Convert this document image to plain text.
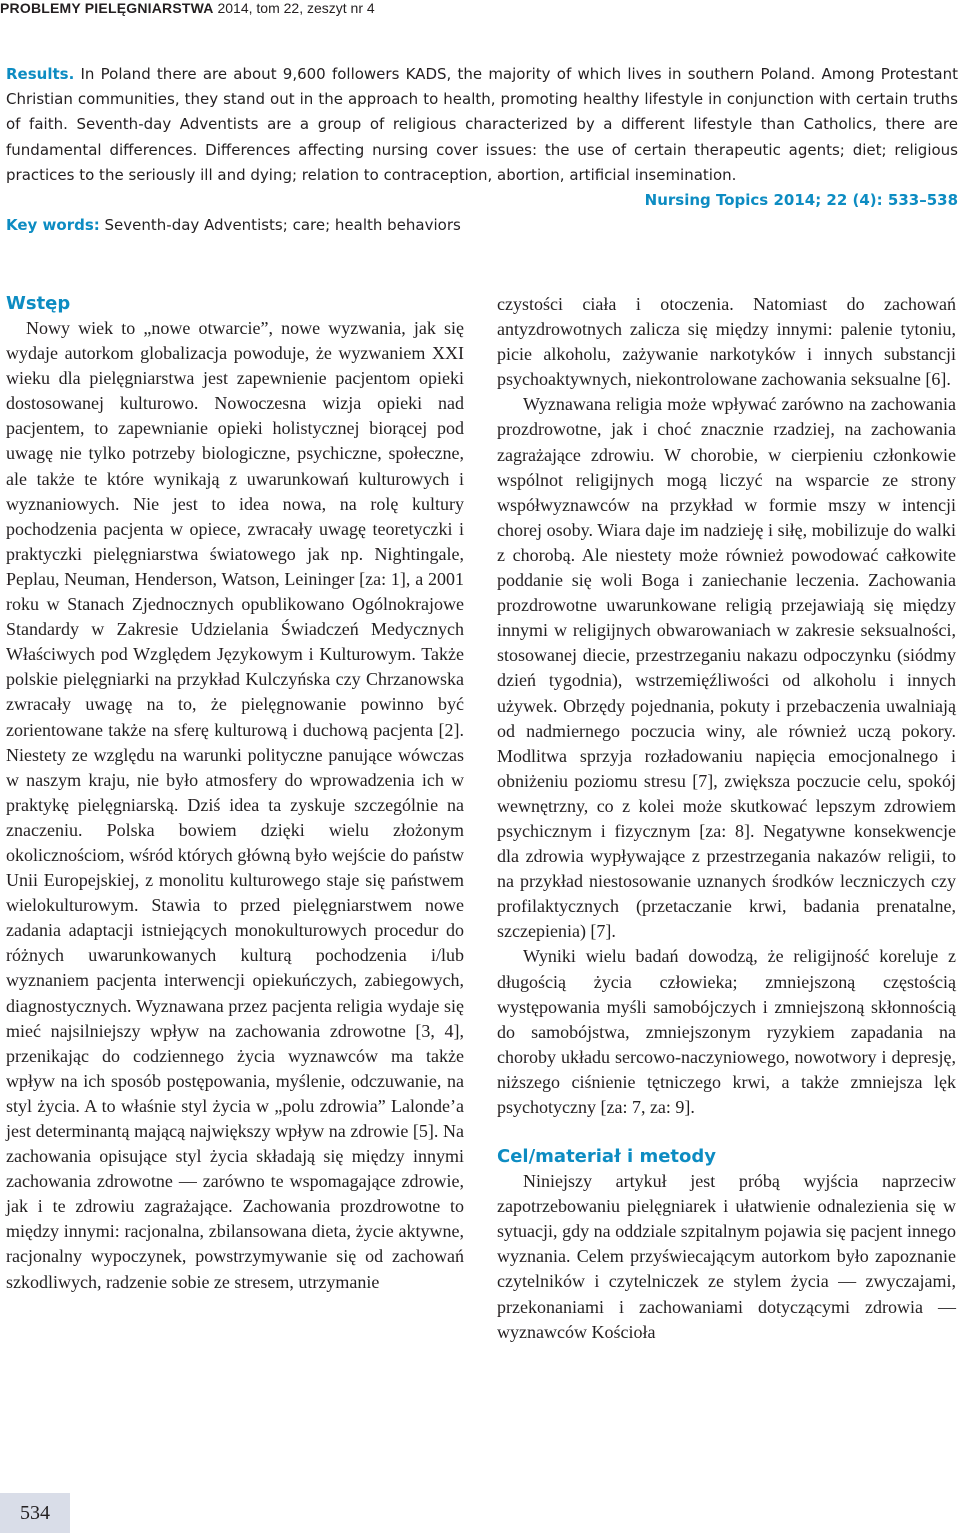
PROBLEMY PIELĘGNIARSTWA 2014, tom 22, zeszyt nr 4
Results. In Poland there are about 9,600 followers KADS, the majority of which lives in southern Poland. Among Protestant Christian communities, they stand out in the approach to health, promoting healthy lifestyle in conjunction with certain truths of faith. Seventh-day Adventists are a group of religious characterized by a different lifestyle than Catholics, there are fundamental differences. Differences affecting nursing cover issues: the use of certain therapeutic agents; diet; religious practices to the seriously ill and dying; relation to contraception, abortion, artificial insemination.
Nursing Topics 2014; 22 (4): 533–538
Key words: Seventh-day Adventists; care; health behaviors
Wstęp

Nowy wiek to „nowe otwarcie”, nowe wyzwania, jak się wydaje autorkom globalizacja powoduje, że wyzwaniem XXI wieku dla pielęgniarstwa jest zapewnienie pacjentom opieki dostosowanej kulturowo. Nowoczesna wizja opieki nad pacjentem, to zapewnianie opieki holistycznej biorącej pod uwagę nie tylko potrzeby biologiczne, psychiczne, społeczne, ale także te które wynikają z uwarunkowań kulturowych i wyznaniowych. Nie jest to idea nowa, na rolę kultury pochodzenia pacjenta w opiece, zwracały uwagę teoretyczki i praktyczki pielęgniarstwa światowego jak np. Nightingale, Peplau, Neuman, Henderson, Watson, Leininger [za: 1], a 2001 roku w Stanach Zjednocznych opublikowano Ogólnokrajowe Standardy w Zakresie Udzielania Świadczeń Medycznych Właściwych pod Względem Językowym i Kulturowym. Także polskie pielęgniarki na przykład Kulczyńska czy Chrzanowska zwracały uwagę na to, że pielęgnowanie powinno być zorientowane także na sferę kulturową i duchową pacjenta [2]. Niestety ze względu na warunki polityczne panujące wówczas w naszym kraju, nie było atmosfery do wprowadzenia ich w praktykę pielęgniarską. Dziś idea ta zyskuje szczególnie na znaczeniu. Polska bowiem dzięki wielu złożonym okolicznościom, wśród których główną było wejście do państw Unii Europejskiej, z monolitu kulturowego staje się państwem wielokulturowym. Stawia to przed pielęgniarstwem nowe zadania adaptacji istniejących monokulturowych procedur do różnych uwarunkowanych kulturą pochodzenia i/lub wyznaniem pacjenta interwencji opiekuńczych, zabiegowych, diagnostycznych. Wyznawana przez pacjenta religia wydaje się mieć najsilniejszy wpływ na zachowania zdrowotne [3, 4], przenikając do codziennego życia wyznawców ma także wpływ na ich sposób postępowania, myślenie, odczuwanie, na styl życia. A to właśnie styl życia w „polu zdrowia” Lalonde’a jest determinantą mającą największy wpływ na zdrowie [5]. Na zachowania opisujące styl życia składają się między innymi zachowania zdrowotne — zarówno te wspomagające zdrowie, jak i te zdrowiu zagrażające. Zachowania prozdrowotne to między innymi: racjonalna, zbilansowana dieta, życie aktywne, racjonalny wypoczynek, powstrzymywanie się od zachowań szkodliwych, radzenie sobie ze stresem, utrzymanie

czystości ciała i otoczenia. Natomiast do zachowań antyzdrowotnych zalicza się między innymi: palenie tytoniu, picie alkoholu, zażywanie narkotyków i innych substancji psychoaktywnych, niekontrolowane zachowania seksualne [6].

Wyznawana religia może wpływać zarówno na zachowania prozdrowotne, jak i choć znacznie rzadziej, na zachowania zagrażające zdrowiu. W chorobie, w cierpieniu członkowie wspólnot religijnych mogą liczyć na wsparcie ze strony współwyznawców na przykład w formie mszy w intencji chorej osoby. Wiara daje im nadzieję i siłę, mobilizuje do walki z chorobą. Ale niestety może również powodować całkowite poddanie się woli Boga i zaniechanie leczenia. Zachowania prozdrowotne uwarunkowane religią przejawiają się między innymi w religijnych obwarowaniach w zakresie seksualności, stosowanej diecie, przestrzeganiu nakazu odpoczynku (siódmy dzień tygodnia), wstrzemięźliwości od alkoholu i innych używek. Obrzędy pojednania, pokuty i przebaczenia uwalniają od nadmiernego poczucia winy, ale również uczą pokory. Modlitwa sprzyja rozładowaniu napięcia emocjonalnego i obniżeniu poziomu stresu [7], zwiększa poczucie celu, spokój wewnętrzny, co z kolei może skutkować lepszym zdrowiem psychicznym i fizycznym [za: 8]. Negatywne konsekwencje dla zdrowia wypływające z przestrzegania nakazów religii, to na przykład niestosowanie uznanych środków leczniczych czy profilaktycznych (przetaczanie krwi, badania prenatalne, szczepienia) [7].

Wyniki wielu badań dowodzą, że religijność koreluje z długością życia człowieka; zmniejszoną częstością występowania myśli samobójczych i zmniejszoną skłonnością do samobójstwa, zmniejszonym ryzykiem zapadania na choroby układu sercowo-naczyniowego, nowotwory i depresję, niższego ciśnienie tętniczego krwi, a także zmniejsza lęk psychotyczny [za: 7, za: 9].

Cel/materiał i metody

Niniejszy artykuł jest próbą wyjścia naprzeciw zapotrzebowaniu pielęgniarek i ułatwienie odnalezienia się w sytuacji, gdy na oddziale szpitalnym pojawia się pacjent innego wyznania. Celem przyświecającym autorkom było zapoznanie czytelników i czytelniczek ze stylem życia — zwyczajami, przekonaniami i zachowaniami dotyczącymi zdrowia — wyznawców Kościoła

534
